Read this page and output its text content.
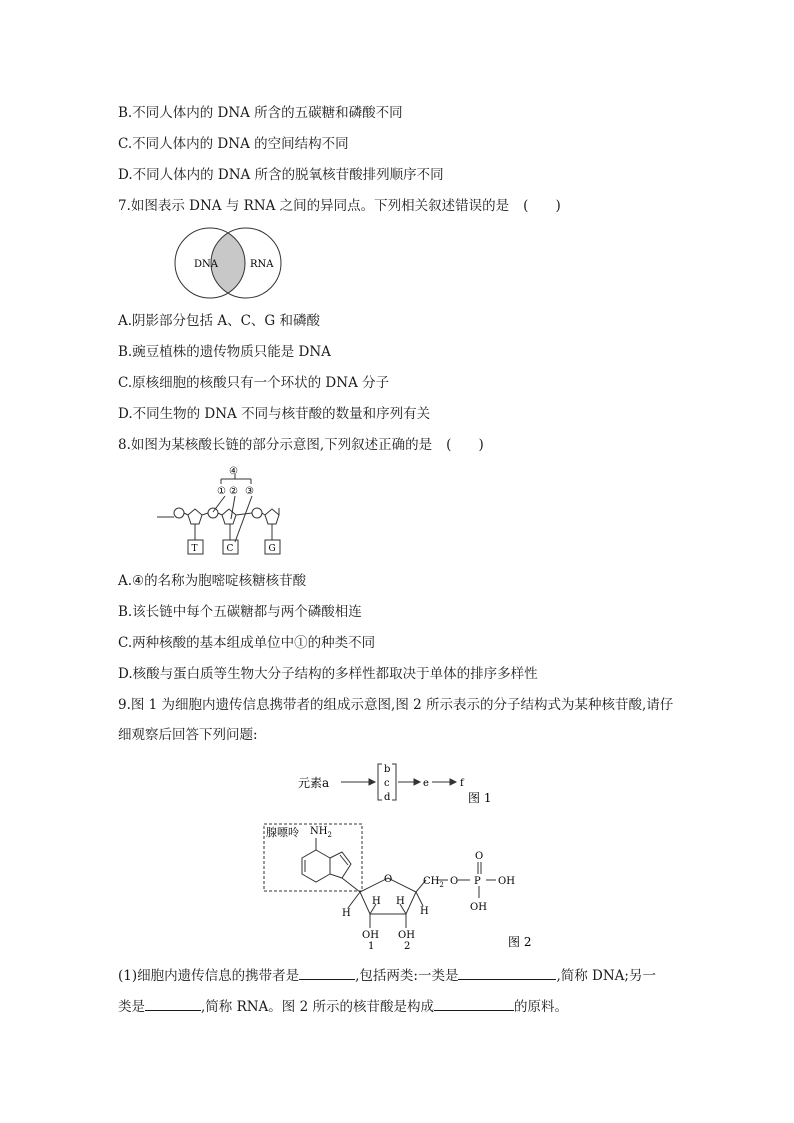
B.不同人体内的 DNA 所含的五碳糖和磷酸不同
C.不同人体内的 DNA 的空间结构不同
D.不同人体内的 DNA 所含的脱氧核苷酸排列顺序不同
7.如图表示 DNA 与 RNA 之间的异同点。下列相关叙述错误的是 (　　)
DNA	RNA
A.阴影部分包括 A、C、G 和磷酸
B.豌豆植株的遗传物质只能是 DNA
C.原核细胞的核酸只有一个环状的 DNA 分子
D.不同生物的 DNA 不同与核苷酸的数量和序列有关
8.如图为某核酸长链的部分示意图,下列叙述正确的是 (　　)
④
① ② ③
T	C	G
A.④的名称为胞嘧啶核糖核苷酸
B.该长链中每个五碳糖都与两个磷酸相连
C.两种核酸的基本组成单位中①的种类不同
D.核酸与蛋白质等生物大分子结构的多样性都取决于单体的排序多样性
9.图 1 为细胞内遗传信息携带者的组成示意图,图 2 所示表示的分子结构式为某种核苷酸,请仔细观察后回答下列问题:
元素a
b
c
d
e	f
图 1
腺嘌呤 $NH_2$
O
H
H H
H
OH OH
1	2
$CH_2$ O P
O
OH
OH
图 2
(1)细胞内遗传信息的携带者是	,包括两类:一类是	,简称 DNA;另一
类是	,简称 RNA。图 2 所示的核苷酸是构成	的原料。
